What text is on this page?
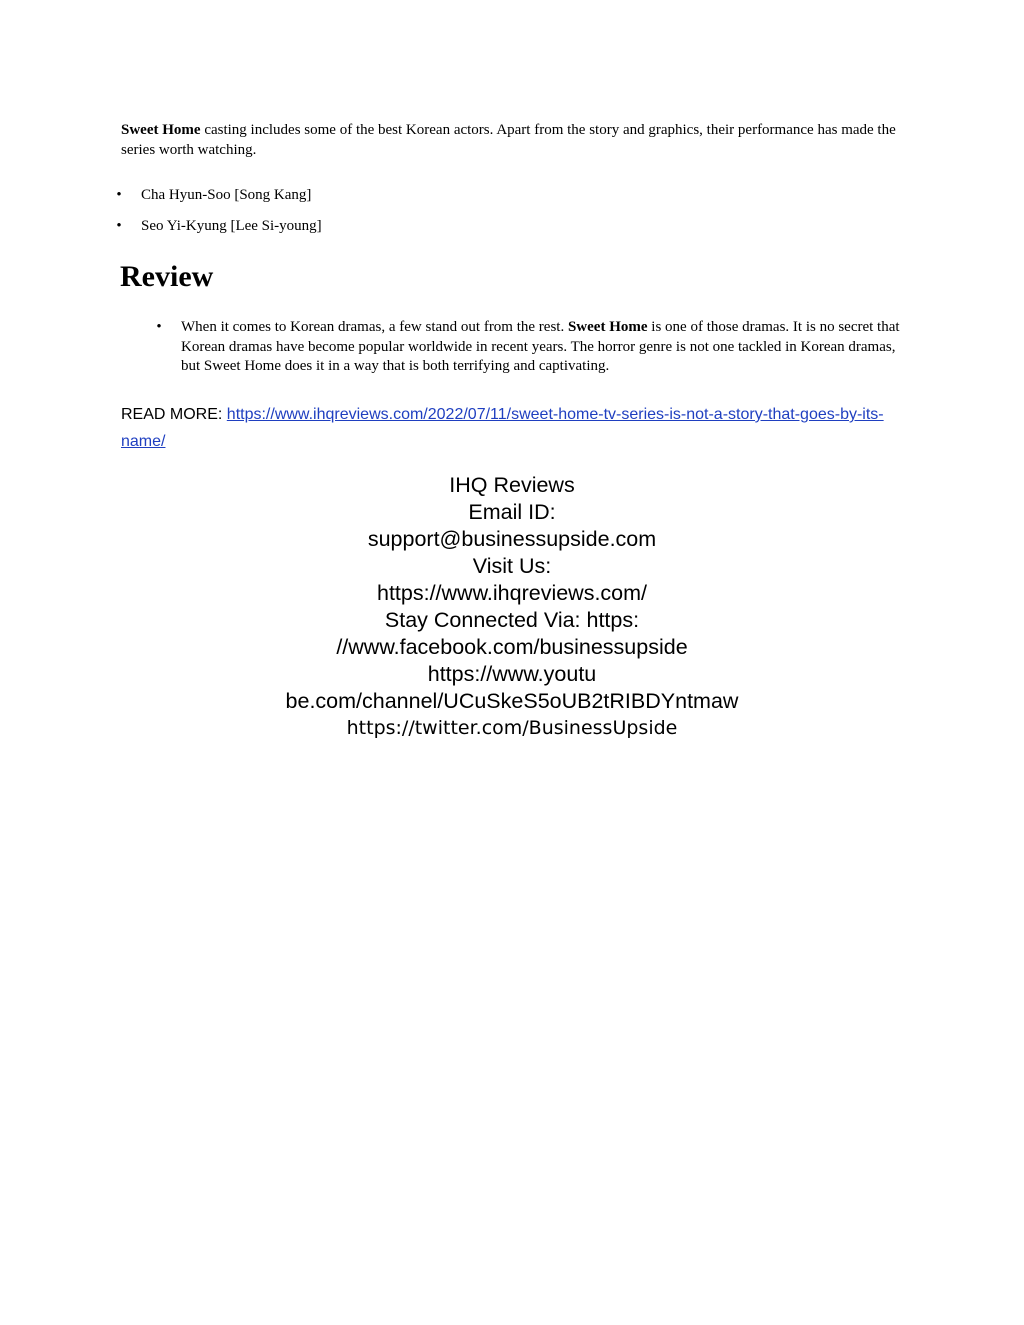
Sweet Home casting includes some of the best Korean actors. Apart from the story and graphics, their performance has made the series worth watching.

• Cha Hyun-Soo [Song Kang]
• Seo Yi-Kyung [Lee Si-young]
Review
• When it comes to Korean dramas, a few stand out from the rest. Sweet Home is one of those dramas. It is no secret that Korean dramas have become popular worldwide in recent years. The horror genre is not one tackled in Korean dramas, but Sweet Home does it in a way that is both terrifying and captivating.
READ MORE: https://www.ihqreviews.com/2022/07/11/sweet-home-tv-series-is-not-a-story-that-goes-by-its-name/
IHQ Reviews
Email ID:
support@businessupside.com
Visit Us:
https://www.ihqreviews.com/
Stay Connected Via: https:
//www.facebook.com/businessupside
https://www.youtu
be.com/channel/UCuSkeS5oUB2tRIBDYntmaw
https://twitter.com/BusinessUpside
